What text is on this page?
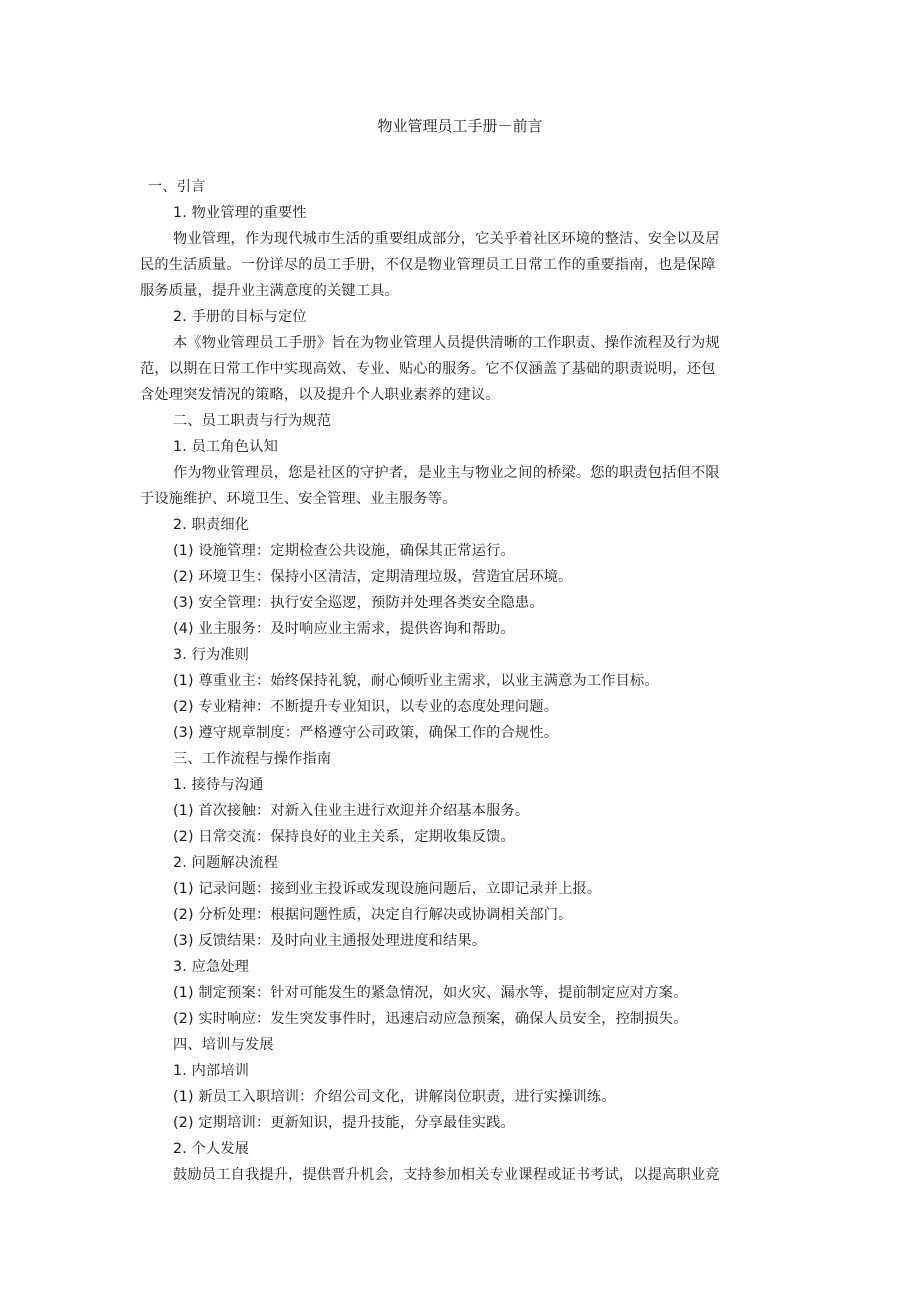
物业管理员工手册－前言
一、引言
1. 物业管理的重要性
物业管理，作为现代城市生活的重要组成部分，它关乎着社区环境的整洁、安全以及居
民的生活质量。一份详尽的员工手册，不仅是物业管理员工日常工作的重要指南，也是保障
服务质量，提升业主满意度的关键工具。
2. 手册的目标与定位
本《物业管理员工手册》旨在为物业管理人员提供清晰的工作职责、操作流程及行为规
范，以期在日常工作中实现高效、专业、贴心的服务。它不仅涵盖了基础的职责说明，还包
含处理突发情况的策略，以及提升个人职业素养的建议。
二、员工职责与行为规范
1. 员工角色认知
作为物业管理员，您是社区的守护者，是业主与物业之间的桥梁。您的职责包括但不限
于设施维护、环境卫生、安全管理、业主服务等。
2. 职责细化
(1) 设施管理：定期检查公共设施，确保其正常运行。
(2) 环境卫生：保持小区清洁，定期清理垃圾，营造宜居环境。
(3) 安全管理：执行安全巡逻，预防并处理各类安全隐患。
(4) 业主服务：及时响应业主需求，提供咨询和帮助。
3. 行为准则
(1) 尊重业主：始终保持礼貌，耐心倾听业主需求，以业主满意为工作目标。
(2) 专业精神：不断提升专业知识，以专业的态度处理问题。
(3) 遵守规章制度：严格遵守公司政策，确保工作的合规性。
三、工作流程与操作指南
1. 接待与沟通
(1) 首次接触：对新入住业主进行欢迎并介绍基本服务。
(2) 日常交流：保持良好的业主关系，定期收集反馈。
2. 问题解决流程
(1) 记录问题：接到业主投诉或发现设施问题后，立即记录并上报。
(2) 分析处理：根据问题性质，决定自行解决或协调相关部门。
(3) 反馈结果：及时向业主通报处理进度和结果。
3. 应急处理
(1) 制定预案：针对可能发生的紧急情况，如火灾、漏水等，提前制定应对方案。
(2) 实时响应：发生突发事件时，迅速启动应急预案，确保人员安全，控制损失。
四、培训与发展
1. 内部培训
(1) 新员工入职培训：介绍公司文化，讲解岗位职责，进行实操训练。
(2) 定期培训：更新知识，提升技能，分享最佳实践。
2. 个人发展
鼓励员工自我提升，提供晋升机会，支持参加相关专业课程或证书考试，以提高职业竞
